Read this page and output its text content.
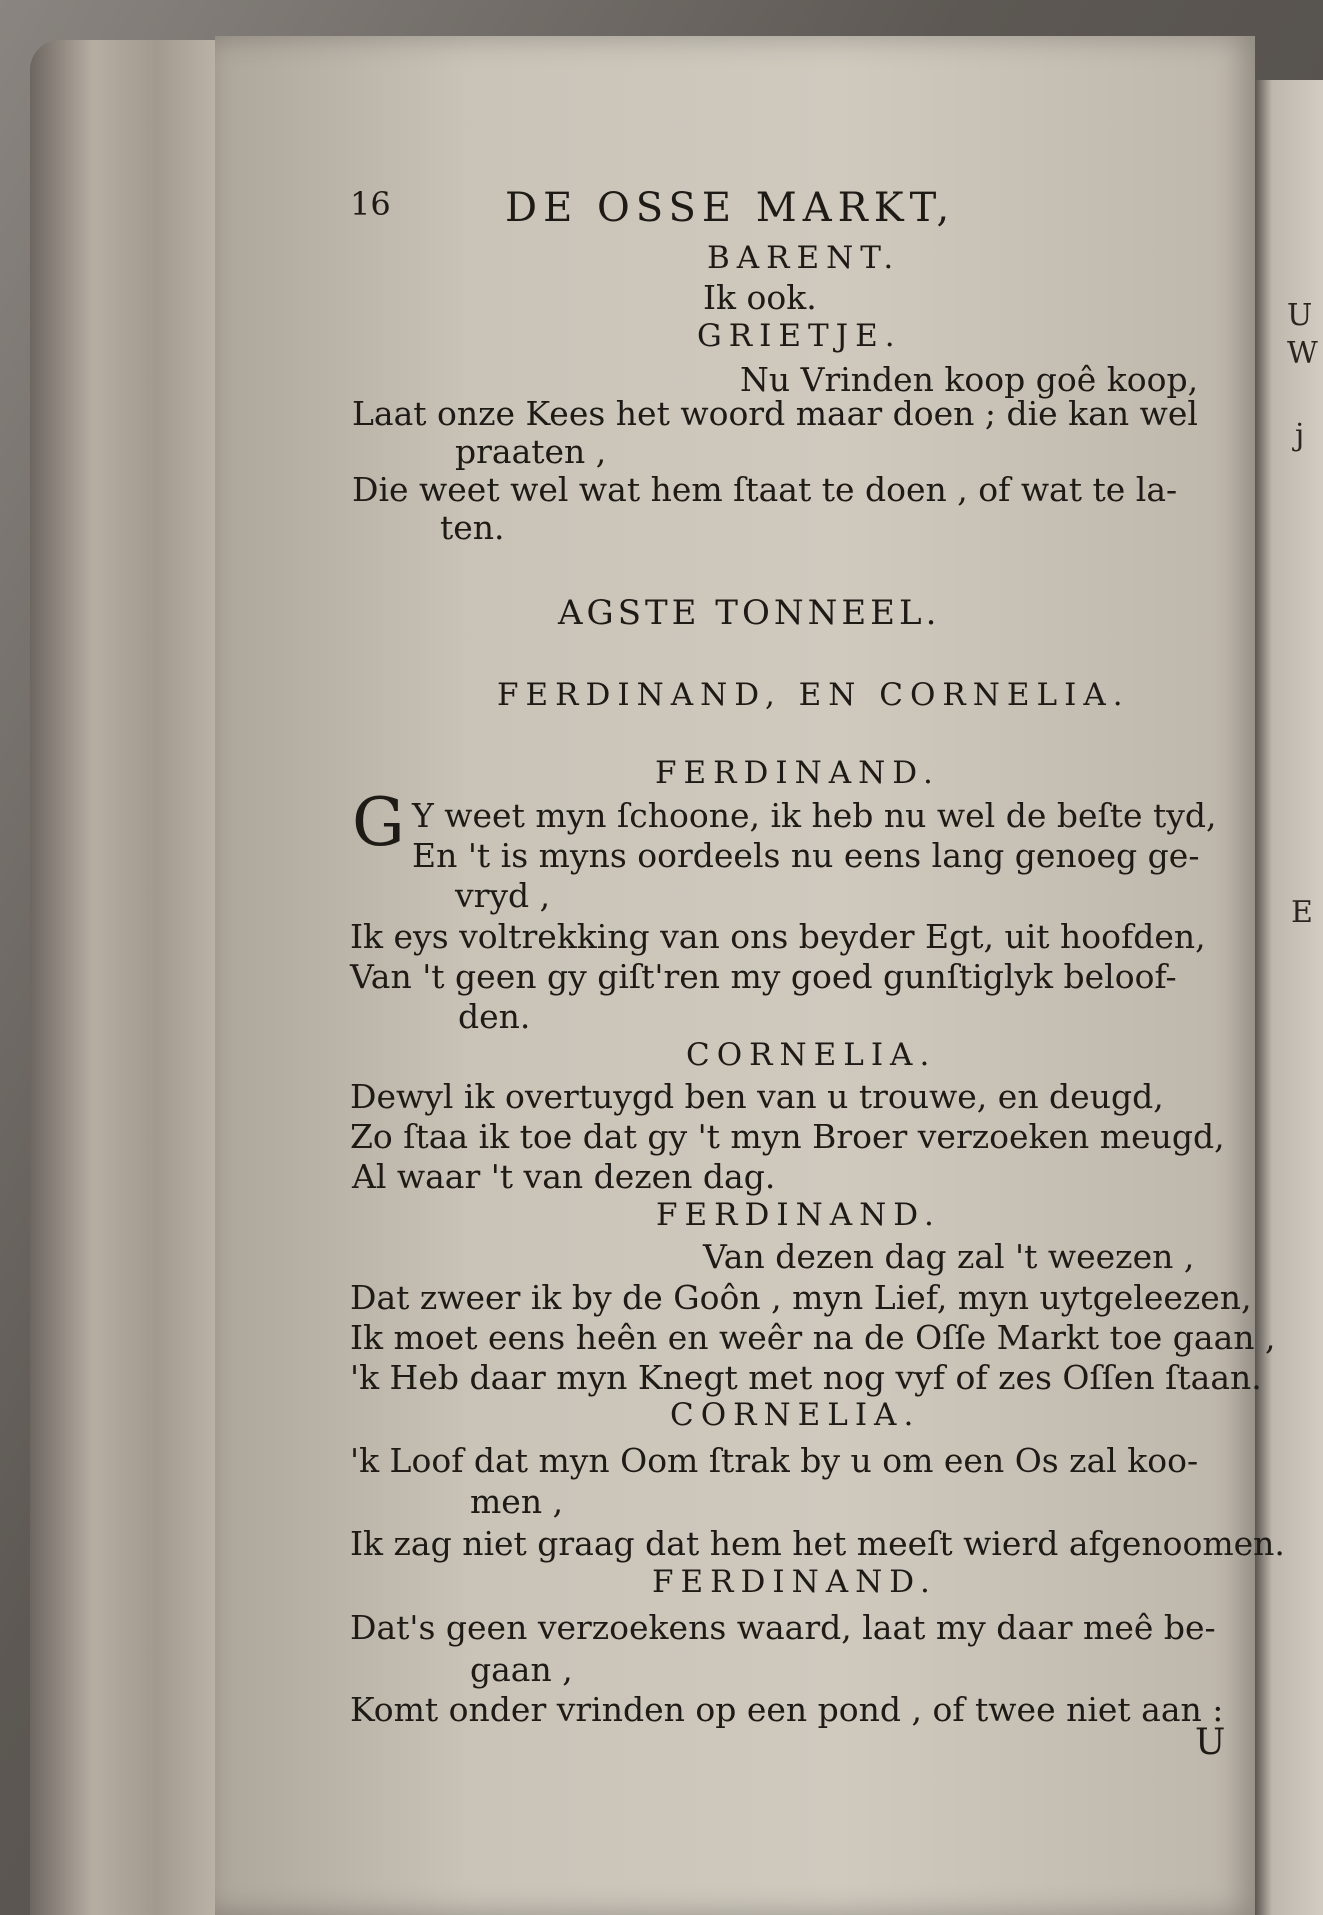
U
W
j
E
16	DE OSSE MARKT,
BARENT.
Ik ook.
GRIETJE.
Nu Vrinden koop goê koop,
Laat onze Kees het woord maar doen ; die kan wel
praaten ,
Die weet wel wat hem ſtaat te doen , of wat te la-
ten.
AGSTE TONNEEL.
FERDINAND, EN CORNELIA.
FERDINAND.
G Y weet myn ſchoone, ik heb nu wel de beſte tyd,
En 't is myns oordeels nu eens lang genoeg ge-
vryd ,
Ik eys voltrekking van ons beyder Egt, uit hoofden,
Van 't geen gy giſt'ren my goed gunſtiglyk beloof-
den.
CORNELIA.
Dewyl ik overtuygd ben van u trouwe, en deugd,
Zo ſtaa ik toe dat gy 't myn Broer verzoeken meugd,
Al waar 't van dezen dag.
FERDINAND.
Van dezen dag zal 't weezen ,
Dat zweer ik by de Goôn , myn Lief, myn uytgeleezen,
Ik moet eens heên en weêr na de Oſſe Markt toe gaan ,
'k Heb daar myn Knegt met nog vyf of zes Oſſen ſtaan.
CORNELIA.
'k Loof dat myn Oom ſtrak by u om een Os zal koo-
men ,
Ik zag niet graag dat hem het meeſt wierd afgenoomen.
FERDINAND.
Dat's geen verzoekens waard, laat my daar meê be-
gaan ,
Komt onder vrinden op een pond , of twee niet aan :
U
